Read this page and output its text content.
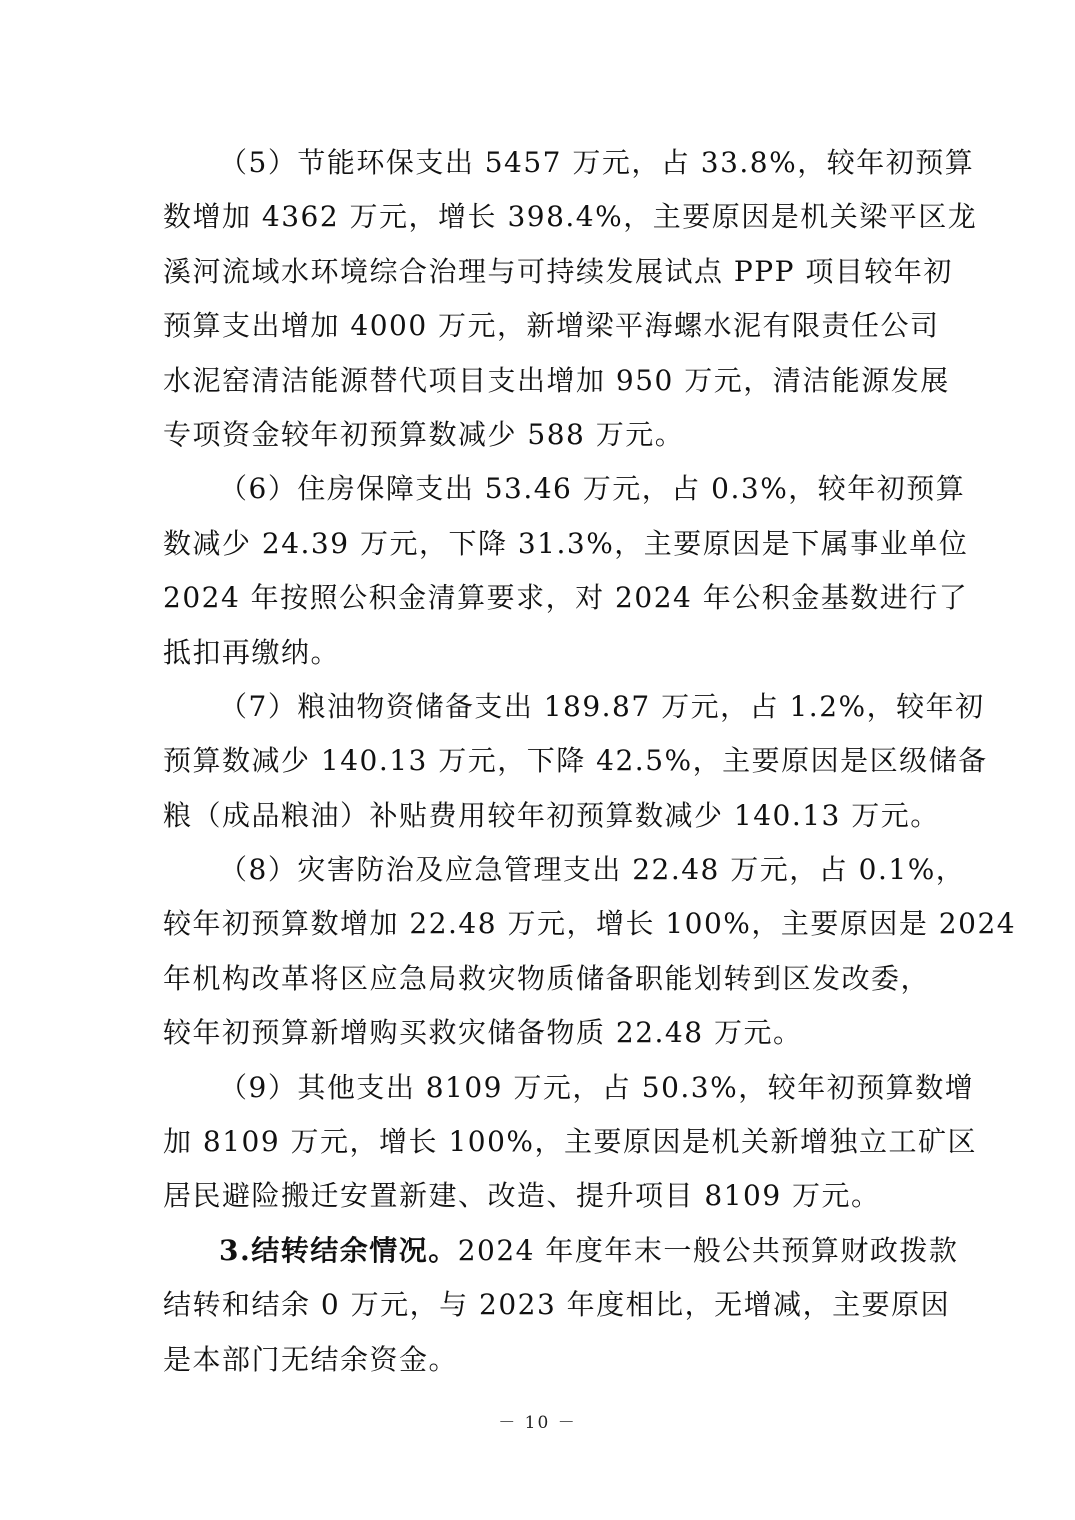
（5）节能环保支出 5457 万元，占 33.8%，较年初预算
数增加 4362 万元，增长 398.4%，主要原因是机关梁平区龙
溪河流域水环境综合治理与可持续发展试点 PPP 项目较年初
预算支出增加 4000 万元，新增梁平海螺水泥有限责任公司
水泥窑清洁能源替代项目支出增加 950 万元，清洁能源发展
专项资金较年初预算数减少 588 万元。
（6）住房保障支出 53.46 万元，占 0.3%，较年初预算
数减少 24.39 万元，下降 31.3%，主要原因是下属事业单位
2024 年按照公积金清算要求，对 2024 年公积金基数进行了
抵扣再缴纳。
（7）粮油物资储备支出 189.87 万元，占 1.2%，较年初
预算数减少 140.13 万元，下降 42.5%，主要原因是区级储备
粮（成品粮油）补贴费用较年初预算数减少 140.13 万元。
（8）灾害防治及应急管理支出 22.48 万元，占 0.1%，
较年初预算数增加 22.48 万元，增长 100%，主要原因是 2024
年机构改革将区应急局救灾物质储备职能划转到区发改委，
较年初预算新增购买救灾储备物质 22.48 万元。
（9）其他支出 8109 万元，占 50.3%，较年初预算数增
加 8109 万元，增长 100%，主要原因是机关新增独立工矿区
居民避险搬迁安置新建、改造、提升项目 8109 万元。
3.结转结余情况。2024 年度年末一般公共预算财政拨款
结转和结余 0 万元，与 2023 年度相比，无增减，主要原因
是本部门无结余资金。
－ 10 －
